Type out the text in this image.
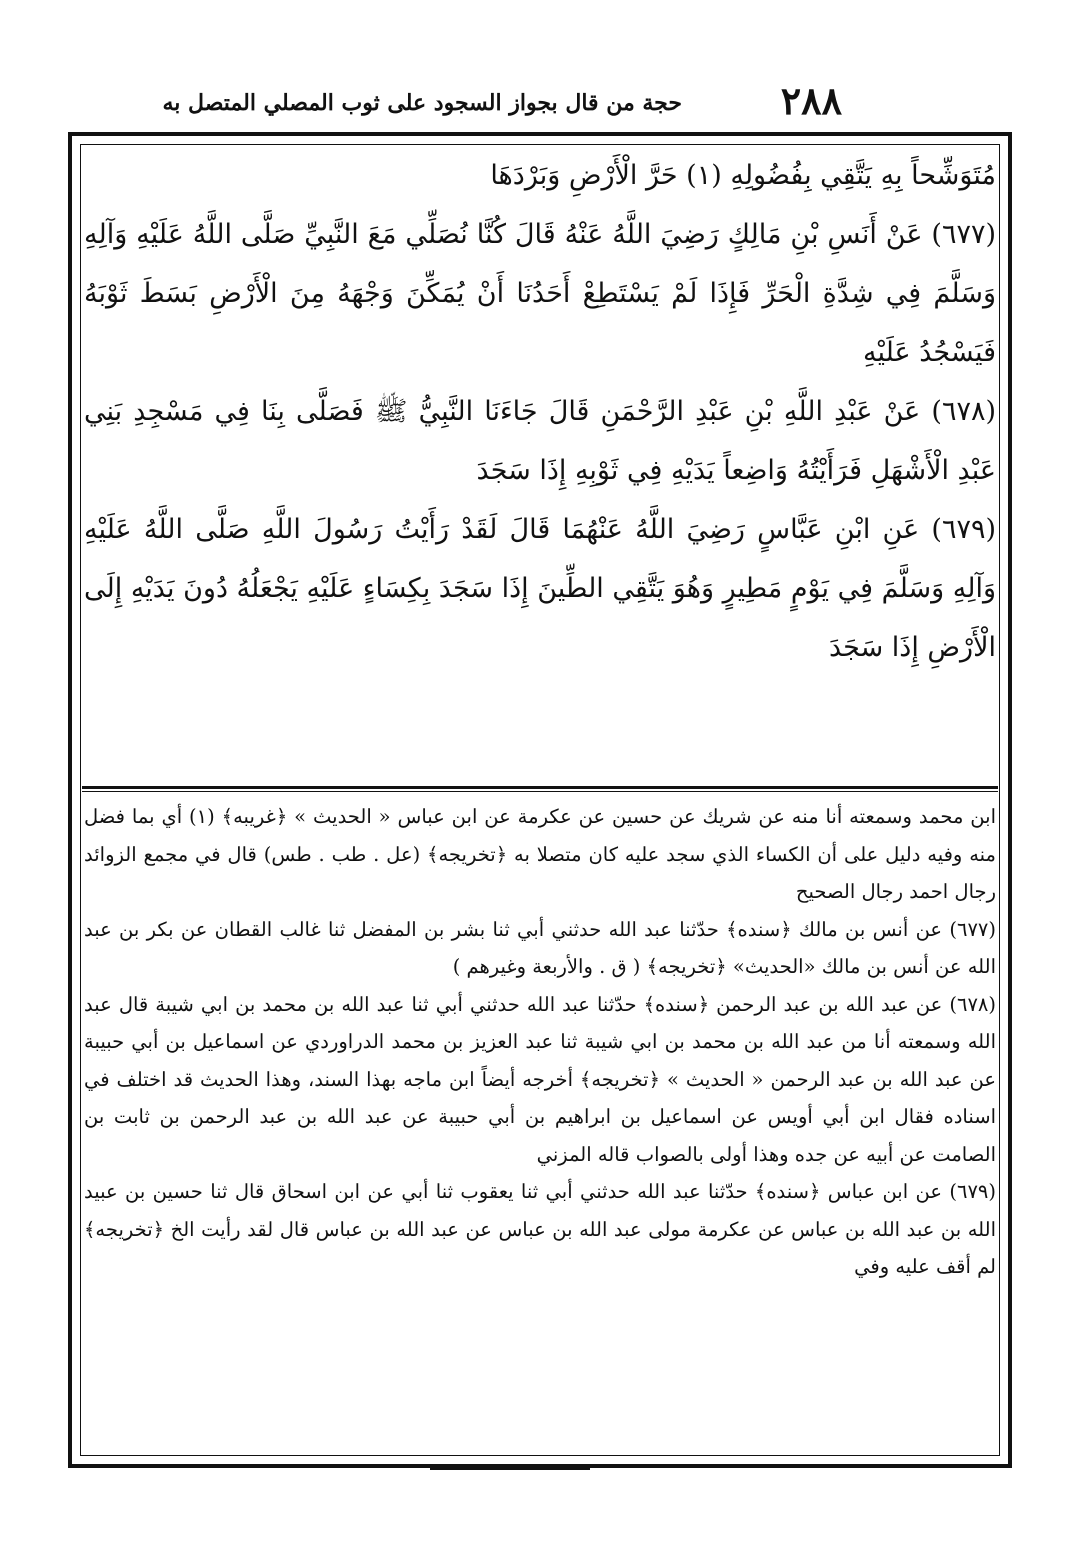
٢٨٨
حجة من قال بجواز السجود على ثوب المصلي المتصل به

مُتَوَشِّحاً بِهِ يَتَّقِي بِفُضُولِهِ (١) حَرَّ الْأَرْضِ وَبَرْدَهَا

(٦٧٧) عَنْ أَنَسِ بْنِ مَالِكٍ رَضِيَ اللَّهُ عَنْهُ قَالَ كُنَّا نُصَلِّي مَعَ النَّبِيِّ صَلَّى اللَّهُ عَلَيْهِ وَآلِهِ وَسَلَّمَ فِي شِدَّةِ الْحَرِّ فَإِذَا لَمْ يَسْتَطِعْ أَحَدُنَا أَنْ يُمَكِّنَ وَجْهَهُ مِنَ الْأَرْضِ بَسَطَ ثَوْبَهُ فَيَسْجُدُ عَلَيْهِ

(٦٧٨) عَنْ عَبْدِ اللَّهِ بْنِ عَبْدِ الرَّحْمَنِ قَالَ جَاءَنَا النَّبِيُّ ﷺ فَصَلَّى بِنَا فِي مَسْجِدِ بَنِي عَبْدِ الْأَشْهَلِ فَرَأَيْتُهُ وَاضِعاً يَدَيْهِ فِي ثَوْبِهِ إِذَا سَجَدَ

(٦٧٩) عَنِ ابْنِ عَبَّاسٍ رَضِيَ اللَّهُ عَنْهُمَا قَالَ لَقَدْ رَأَيْتُ رَسُولَ اللَّهِ صَلَّى اللَّهُ عَلَيْهِ وَآلِهِ وَسَلَّمَ فِي يَوْمٍ مَطِيرٍ وَهُوَ يَتَّقِي الطِّينَ إِذَا سَجَدَ بِكِسَاءٍ عَلَيْهِ يَجْعَلُهُ دُونَ يَدَيْهِ إِلَى الْأَرْضِ إِذَا سَجَدَ

ابن محمد وسمعته أنا منه عن شريك عن حسين عن عكرمة عن ابن عباس « الحديث » ﴿غريبه﴾ (١) أي بما فضل منه وفيه دليل على أن الكساء الذي سجد عليه كان متصلا به ﴿تخريجه﴾ (عل . طب . طس) قال في مجمع الزوائد رجال احمد رجال الصحيح

(٦٧٧) عن أنس بن مالك ﴿سنده﴾ حدّثنا عبد الله حدثني أبي ثنا بشر بن المفضل ثنا غالب القطان عن بكر بن عبد الله عن أنس بن مالك «الحديث» ﴿تخريجه﴾ ( ق . والأربعة وغيرهم )

(٦٧٨) عن عبد الله بن عبد الرحمن ﴿سنده﴾ حدّثنا عبد الله حدثني أبي ثنا عبد الله بن محمد بن ابي شيبة قال عبد الله وسمعته أنا من عبد الله بن محمد بن ابي شيبة ثنا عبد العزيز بن محمد الدراوردي عن اسماعيل بن أبي حبيبة عن عبد الله بن عبد الرحمن « الحديث » ﴿تخريجه﴾ أخرجه أيضاً ابن ماجه بهذا السند، وهذا الحديث قد اختلف في اسناده فقال ابن أبي أويس عن اسماعيل بن ابراهيم بن أبي حبيبة عن عبد الله بن عبد الرحمن بن ثابت بن الصامت عن أبيه عن جده وهذا أولى بالصواب قاله المزني

(٦٧٩) عن ابن عباس ﴿سنده﴾ حدّثنا عبد الله حدثني أبي ثنا يعقوب ثنا أبي عن ابن اسحاق قال ثنا حسين بن عبيد الله بن عبد الله بن عباس عن عكرمة مولى عبد الله بن عباس عن عبد الله بن عباس قال لقد رأيت الخ ﴿تخريجه﴾ لم أقف عليه وفي
